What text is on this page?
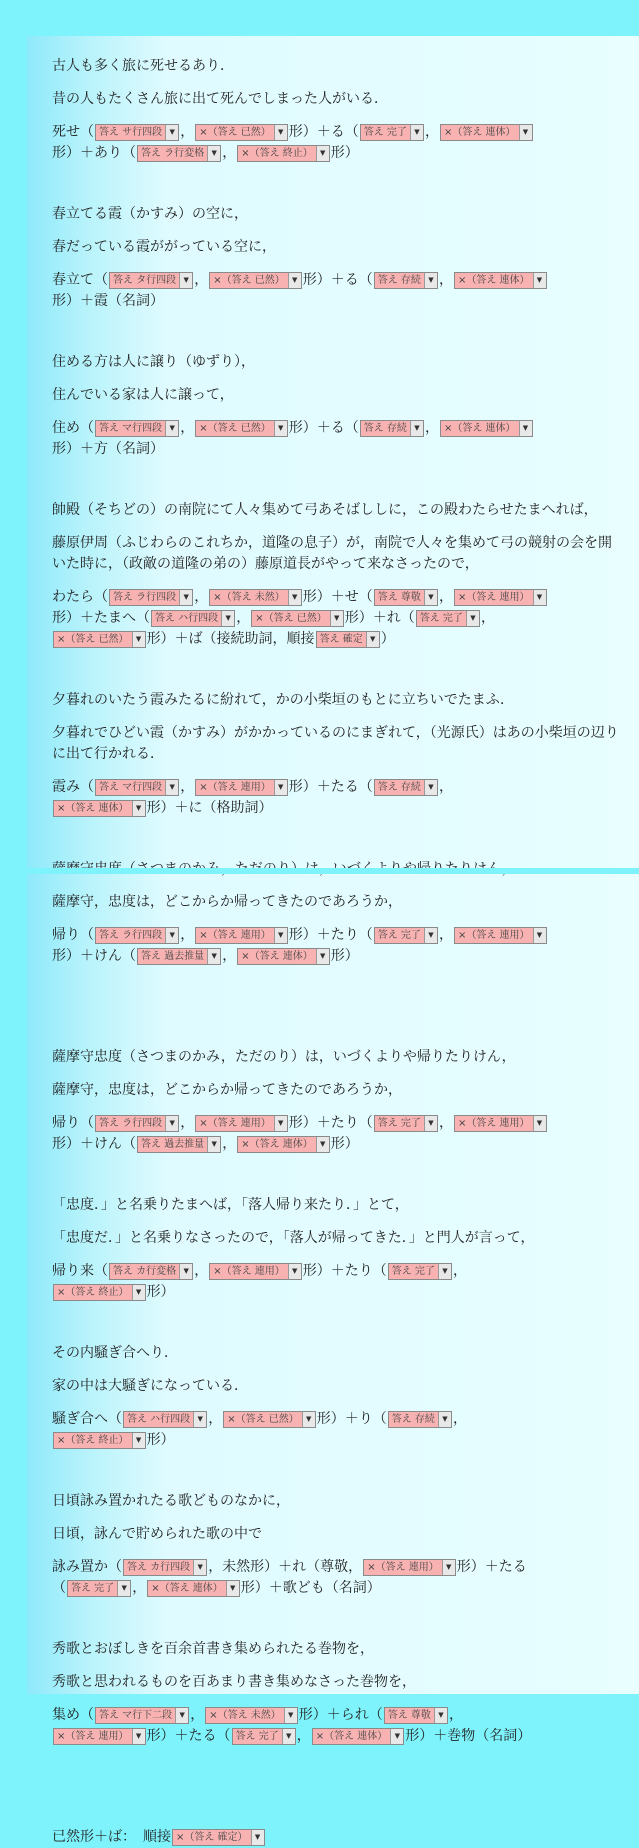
古人も多く旅に死せるあり．

昔の人もたくさん旅に出て死んでしまった人がいる．

死せ（ 答え サ行四段	▼ ， ×（答え 已然）	▼ 形）＋る（ 答え 完了	▼ ， ×（答え 連体）	▼

形）＋あり（ 答え ラ行変格	▼ ， ×（答え 終止）	▼ 形）

春立てる霞（かすみ）の空に，

春だっている霞ががっている空に，

春立て（ 答え タ行四段	▼ ， ×（答え 已然）	▼ 形）＋る（ 答え 存続	▼ ， ×（答え 連体）	▼

形）＋霞（名詞）

住める方は人に譲り（ゆずり），

住んでいる家は人に譲って，

住め（ 答え マ行四段	▼ ， ×（答え 已然）	▼ 形）＋る（ 答え 存続	▼ ， ×（答え 連体）	▼

形）＋方（名詞）

帥殿（そちどの）の南院にて人々集めて弓あそばししに，この殿わたらせたまへれば，

藤原伊周（ふじわらのこれちか，道隆の息子）が，南院で人々を集めて弓の競射の会を開いた時に，（政敵の道隆の弟の）藤原道長がやって来なさったので，

わたら（ 答え ラ行四段	▼ ， ×（答え 未然）	▼ 形）＋せ（ 答え 尊敬	▼ ， ×（答え 連用）	▼

形）＋たまへ（ 答え ハ行四段	▼ ， ×（答え 已然）	▼ 形）＋れ（ 答え 完了	▼ ，

×（答え 已然）	▼ 形）＋ば（接続助詞，順接 答え 確定	▼ ）

夕暮れのいたう霞みたるに紛れて，かの小柴垣のもとに立ちいでたまふ．

夕暮れでひどい霞（かすみ）がかかっているのにまぎれて，（光源氏）はあの小柴垣の辺りに出て行かれる．

霞み（ 答え マ行四段	▼ ， ×（答え 連用）	▼ 形）＋たる（ 答え 存続	▼ ，

×（答え 連体）	▼ 形）＋に（格助詞）

薩摩守，忠度は，どこからか帰ってきたのであろうか，

帰り（ 答え ラ行四段	▼ ， ×（答え 連用）	▼ 形）＋たり（ 答え 完了	▼ ， ×（答え 連用）	▼

形）＋けん（ 答え 過去推量	▼ ， ×（答え 連体）	▼ 形）

薩摩守忠度（さつまのかみ，ただのり）は，いづくよりや帰りたりけん，

薩摩守，忠度は，どこからか帰ってきたのであろうか，

帰り（ 答え ラ行四段	▼ ， ×（答え 連用）	▼ 形）＋たり（ 答え 完了	▼ ， ×（答え 連用）	▼

形）＋けん（ 答え 過去推量	▼ ， ×（答え 連体）	▼ 形）

「忠度．」と名乗りたまへば，「落人帰り来たり．」とて，

「忠度だ．」と名乗りなさったので，「落人が帰ってきた．」と門人が言って，

帰り来（ 答え カ行変格	▼ ， ×（答え 連用）	▼ 形）＋たり（ 答え 完了	▼ ，

×（答え 終止）	▼ 形）

その内騒ぎ合へり．

家の中は大騒ぎになっている．

騒ぎ合へ（ 答え ハ行四段	▼ ， ×（答え 已然）	▼ 形）＋り（ 答え 存続	▼ ，

×（答え 終止）	▼ 形）

日頃詠み置かれたる歌どものなかに，

日頃，詠んで貯められた歌の中で

詠み置か（ 答え カ行四段	▼ ，未然形）＋れ（尊敬， ×（答え 連用）	▼ 形）＋たる
（ 答え 完了	▼ ， ×（答え 連体）	▼ 形）＋歌ども（名詞）

秀歌とおぼしきを百余首書き集められたる巻物を，

秀歌と思われるものを百あまり書き集めなさった巻物を，

集め（ 答え マ行下二段	▼ ， ×（答え 未然）	▼ 形）＋られ（ 答え 尊敬	▼ ，

×（答え 連用）	▼ 形）＋たる（ 答え 完了	▼ ， ×（答え 連体）	▼ 形）＋巻物（名詞）
已然形＋ば：　順接 ×（答え 確定）	▼
